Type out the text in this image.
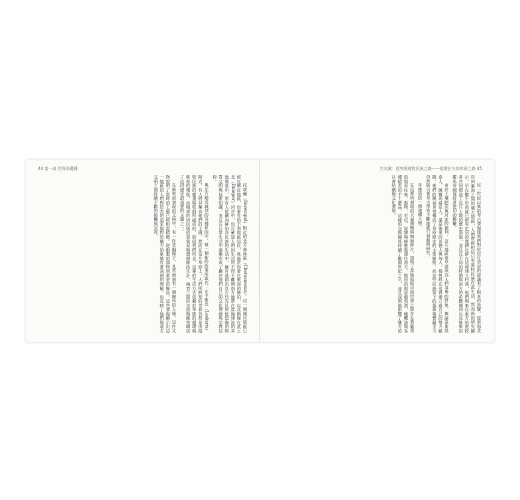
44 第一部 世界的邊陲

托波爾（Severopol）附近的北方森林區（Chersonesus）。這一個城民族群已經在鄰近地區，也會有的不利地區居民，莫過於你會在東部的赫伯，以及稍後在此之北（Dnieper）河谷中，也可確認人們因生活所不得不離開南方地帶在當地建設的其他聚落中，所有人從屬向赫伯各民族的生活中，擁有遠超出其古代先民所能想像的物質文明與技術知識，並且在日常生活中逐漸形成了屬於他們自己的文化傳統與宗教信仰。

與北方鄰近城邦的各種原因中，被一個新的故事所取代：在卡斯皮（Laskaris）附近，有人將其稱為他們的王國，然而在這片草原上，人們所熟知的世界仍然是由遊牧民族的帳篷與牧群所組成的。如同我們所見，這裡的生活方式依賴於季節的循環與牲畜的遷徙，而城邦的居民則依靠貿易與農耕維持生計，兩者之間的交流與衝突構成了這段歷史最重要的主題之一。

在新東部發現的文物中，有一件青銅鏡子，其背面刻有一個騎馬的人像，這件文物說明了當時的工藝已經相當精緻。從銀製的器物到黃金的飾品，這些發現顯示出這一地區的人們對於美的追求與對於權力的象徵有著深刻的理解，也反映了他們與遠方文明之間持續不斷的接觸與交流。

汽光城：從突厥遊牧民族之路——從斯拉夫的草原之路 45

近一世紀以來的考古發現使我們對於這片草原的認識有了根本的改變。從黑海北岸到裏海之間的廣大地區，人們曾經相信只有遊牧民族在此生活，然而新的研究顯示，早在數千年前就已經有定居的農耕社群在這裡建立村落，他們與來自東方的遊牧者共同塑造了這片土地的歷史面貌，並且在不同的時期與南方的希臘城邦以及後來的羅馬帝國保持著密切的聯繫。

由於土壤肥沃與河流的便利，這片地區很早就成為人們爭奪的對象。無論是斯基泰人、薩爾馬提亞人，還是後來的哥德人與匈人，都曾經在這裡建立過自己的勢力範圍，他們的興衰更替構成了草原歷史的主要脈絡，而這些民族留下的墓葬與寶藏至今仍然吸引著考古學家不斷地進行發掘與研究。

年創造的一個建構人物。

在這裡所發現的大量錢幣與陶器碎片，證明了當地與地中海世界之間存在著繁榮的貿易往來。穀物、毛皮、奴隸與蜂蜜被運往南方，換回的則是葡萄酒、橄欖油與各種精美的手工藝品，這樣的交換關係持續了數個世紀之久，並且深刻地影響了雙方的社會結構與文化發展。
